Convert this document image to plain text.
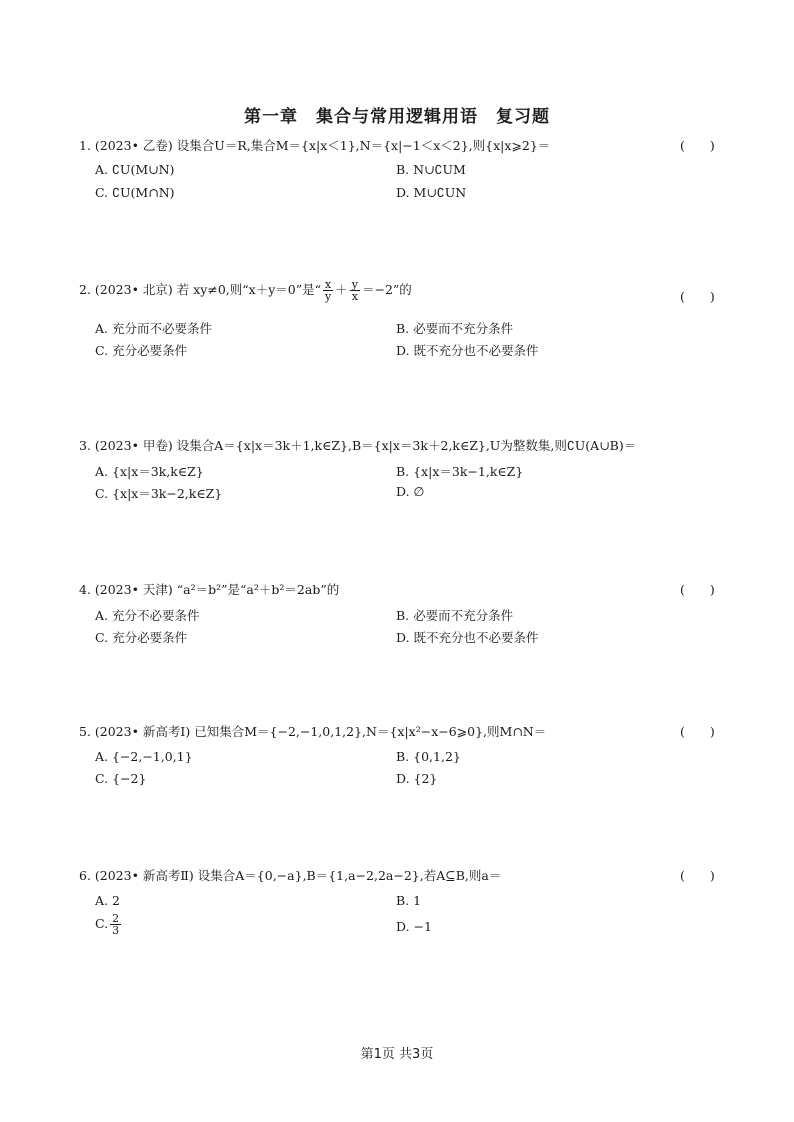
第一章　集合与常用逻辑用语　复习题
1. (2023• 乙卷) 设集合U＝R,集合M＝{x|x＜1},N＝{x|−1＜x＜2},则{x|x⩾2}＝	(　　)
A. ∁U(M∪N)	B. N∪∁UM
C. ∁U(M∩N)	D. M∪∁UN
2. (2023• 北京) 若 xy≠0,则“x＋y＝0”是“ $\frac{x}{y} + \frac{y}{x} =-2$”的	(　　)
A. 充分而不必要条件	B. 必要而不充分条件
C. 充分必要条件	D. 既不充分也不必要条件
3. (2023• 甲卷) 设集合A＝{x|x＝3k＋1,k∈Z},B＝{x|x＝3k＋2,k∈Z},U为整数集,则∁U(A∪B)＝
A. {x|x＝3k,k∈Z}	B. {x|x＝3k−1,k∈Z}
C. {x|x＝3k−2,k∈Z}	D. ∅
4. (2023• 天津) “a²＝b²”是“a²＋b²＝2ab”的	(　　)
A. 充分不必要条件	B. 必要而不充分条件
C. 充分必要条件	D. 既不充分也不必要条件
5. (2023• 新高考Ⅰ) 已知集合M＝{−2,−1,0,1,2},N＝{x|x²−x−6⩾0},则M∩N＝	(　　)
A. {−2,−1,0,1}	B. {0,1,2}
C. {−2}	D. {2}
6. (2023• 新高考Ⅱ) 设集合A＝{0,−a},B＝{1,a−2,2a−2},若A⊆B,则a＝	(　　)
A. 2	B. 1
C. $\frac{2}{3}$	D. −1
第1页 共3页
